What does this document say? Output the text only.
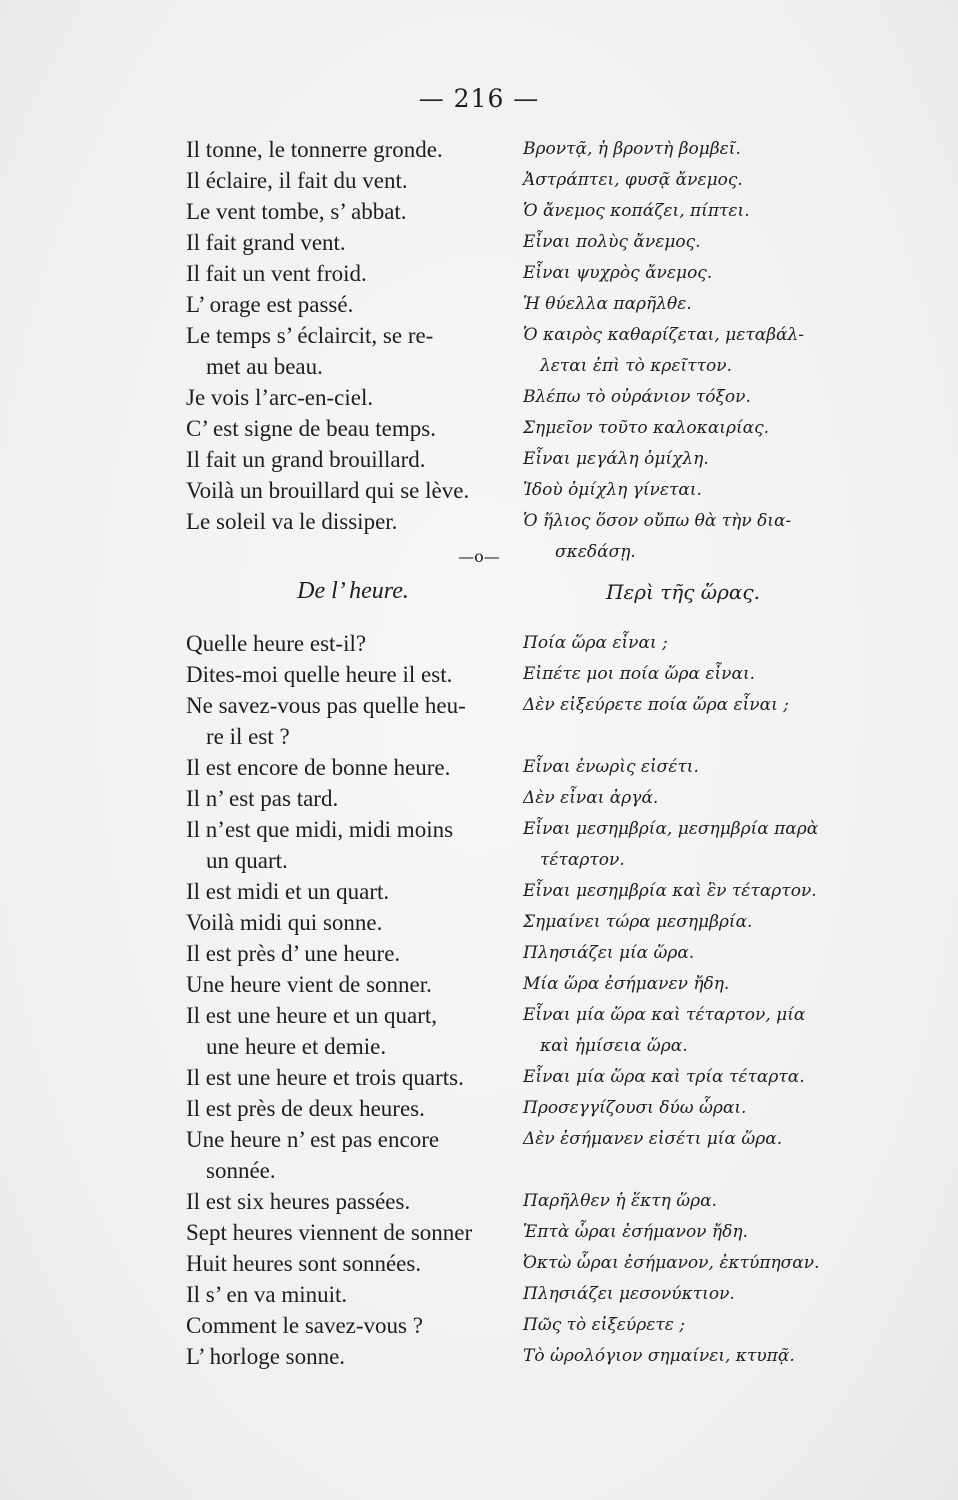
— 216 —
Il tonne, le tonnerre gronde.	Βροντᾷ, ἡ βροντὴ βομβεῖ.
Il éclaire, il fait du vent.	Ἀστράπτει, φυσᾷ ἄνεμος.
Le vent tombe, s’ abbat.	Ὁ ἄνεμος κοπάζει, πίπτει.
Il fait grand vent.	Εἶναι πολὺς ἄνεμος.
Il fait un vent froid.	Εἶναι ψυχρὸς ἄνεμος.
L’ orage est passé.	Ἡ θύελλα παρῆλθε.
Le temps s’ éclaircit, se re-	Ὁ καιρὸς καθαρίζεται, μεταβάλ-
met au beau.	λεται ἐπὶ τὸ κρεῖττον.
Je vois l’arc-en-ciel.	Βλέπω τὸ οὐράνιον τόξον.
C’ est signe de beau temps.	Σημεῖον τοῦτο καλοκαιρίας.
Il fait un grand brouillard.	Εἶναι μεγάλη ὁμίχλη.
Voilà un brouillard qui se lève.	Ἰδοὺ ὁμίχλη γίνεται.
Le soleil va le dissiper.	Ὁ ἥλιος ὅσον οὔπω θὰ τὴν δια-
σκεδάσῃ.
—o—
De l’ heure.	Περὶ τῆς ὥρας.
Quelle heure est-il?	Ποία ὥρα εἶναι ;
Dites-moi quelle heure il est.	Εἰπέτε μοι ποία ὥρα εἶναι.
Ne savez-vous pas quelle heu-	Δὲν εἰξεύρετε ποία ὥρα εἶναι ;
re il est ?
Il est encore de bonne heure.	Εἶναι ἐνωρὶς εἰσέτι.
Il n’ est pas tard.	Δὲν εἶναι ἀργά.
Il n’est que midi, midi moins	Εἶναι μεσημβρία, μεσημβρία παρὰ
un quart.	τέταρτον.
Il est midi et un quart.	Εἶναι μεσημβρία καὶ ἓν τέταρτον.
Voilà midi qui sonne.	Σημαίνει τώρα μεσημβρία.
Il est près d’ une heure.	Πλησιάζει μία ὥρα.
Une heure vient de sonner.	Μία ὥρα ἐσήμανεν ἤδη.
Il est une heure et un quart,	Εἶναι μία ὥρα καὶ τέταρτον, μία
une heure et demie.	καὶ ἡμίσεια ὥρα.
Il est une heure et trois quarts.	Εἶναι μία ὥρα καὶ τρία τέταρτα.
Il est près de deux heures.	Προσεγγίζουσι δύω ὧραι.
Une heure n’ est pas encore	Δὲν ἐσήμανεν εἰσέτι μία ὥρα.
sonnée.
Il est six heures passées.	Παρῆλθεν ἡ ἕκτη ὥρα.
Sept heures viennent de sonner	Ἑπτὰ ὧραι ἐσήμανον ἤδη.
Huit heures sont sonnées.	Ὀκτὼ ὧραι ἐσήμανον, ἐκτύπησαν.
Il s’ en va minuit.	Πλησιάζει μεσονύκτιον.
Comment le savez-vous ?	Πῶς τὸ εἰξεύρετε ;
L’ horloge sonne.	Τὸ ὡρολόγιον σημαίνει, κτυπᾷ.
